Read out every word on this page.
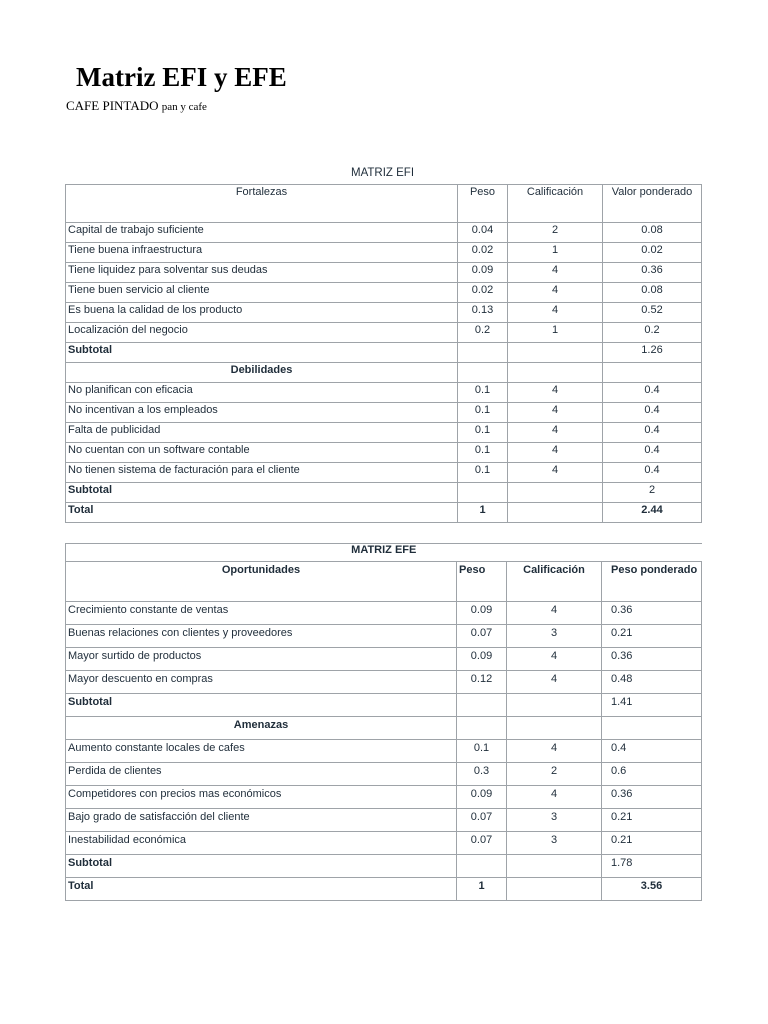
Matriz EFI y EFE
CAFE PINTADO pan y cafe
MATRIZ EFI
Fortalezas	Peso	Calificación	Valor ponderado
Capital de trabajo suficiente	0.04	2	0.08
Tiene buena infraestructura	0.02	1	0.02
Tiene liquidez para solventar sus deudas	0.09	4	0.36
Tiene buen servicio al cliente	0.02	4	0.08
Es buena la calidad de los producto	0.13	4	0.52
Localización del negocio	0.2	1	0.2
Subtotal			1.26
Debilidades			
No planifican con eficacia	0.1	4	0.4
No incentivan a los empleados	0.1	4	0.4
Falta de publicidad	0.1	4	0.4
No cuentan con un software contable	0.1	4	0.4
No tienen sistema de facturación para el cliente	0.1	4	0.4
Subtotal			2
Total	1		2.44
MATRIZ EFE			
Oportunidades	Peso	Calificación	Peso ponderado
Crecimiento constante de ventas	0.09	4	0.36
Buenas relaciones con clientes y proveedores	0.07	3	0.21
Mayor surtido de productos	0.09	4	0.36
Mayor descuento en compras	0.12	4	0.48
Subtotal			1.41
Amenazas			
Aumento constante locales de cafes	0.1	4	0.4
Perdida de clientes	0.3	2	0.6
Competidores con precios mas económicos	0.09	4	0.36
Bajo grado de satisfacción del cliente	0.07	3	0.21
Inestabilidad económica	0.07	3	0.21
Subtotal			1.78
Total	1		3.56
